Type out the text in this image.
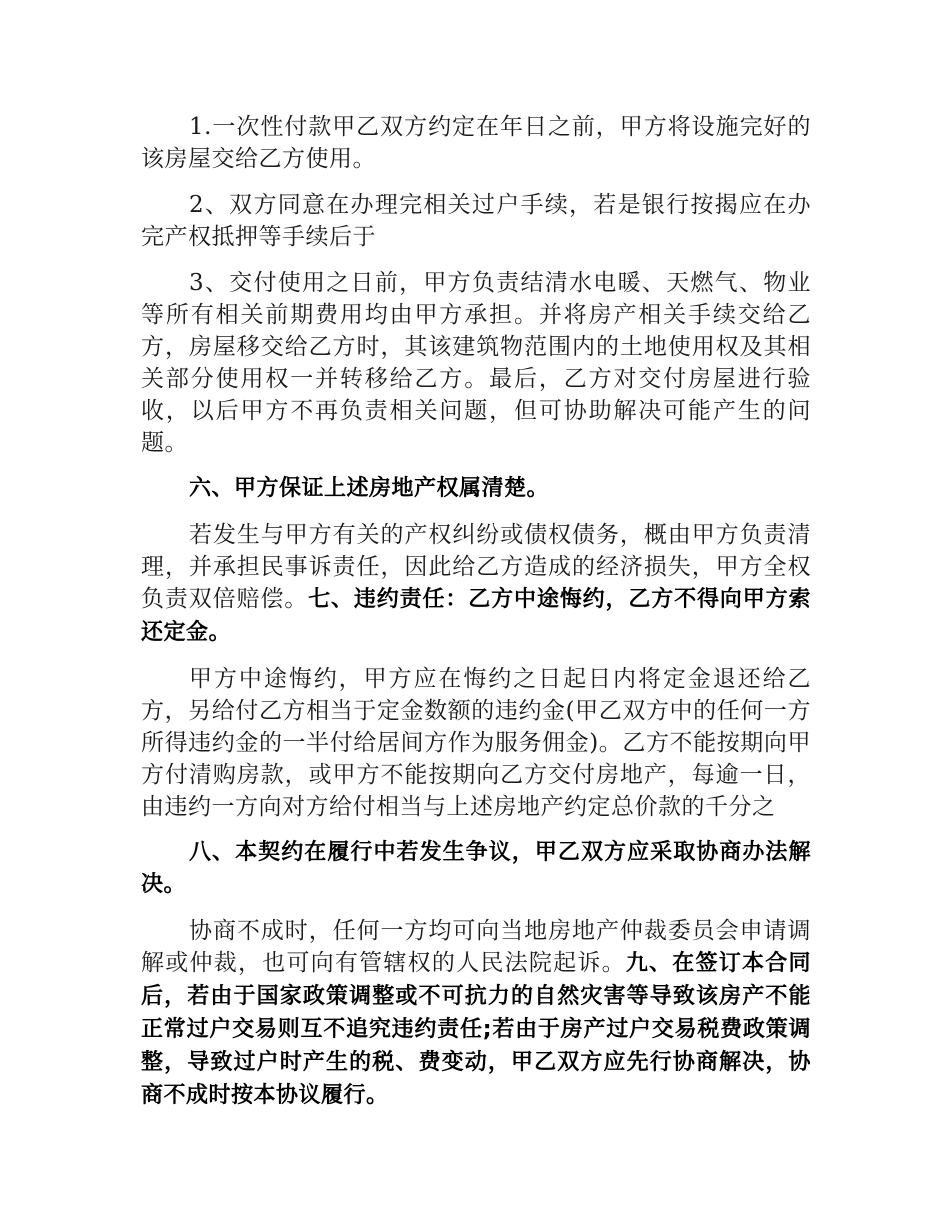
1.一次性付款甲乙双方约定在年日之前，甲方将设施完好的该房屋交给乙方使用。

2、双方同意在办理完相关过户手续，若是银行按揭应在办完产权抵押等手续后于

3、交付使用之日前，甲方负责结清水电暖、天燃气、物业等所有相关前期费用均由甲方承担。并将房产相关手续交给乙方，房屋移交给乙方时，其该建筑物范围内的土地使用权及其相关部分使用权一并转移给乙方。最后，乙方对交付房屋进行验收，以后甲方不再负责相关问题，但可协助解决可能产生的问题。

六、甲方保证上述房地产权属清楚。

若发生与甲方有关的产权纠纷或债权债务，概由甲方负责清理，并承担民事诉责任，因此给乙方造成的经济损失，甲方全权负责双倍赔偿。七、违约责任：乙方中途悔约，乙方不得向甲方索还定金。

甲方中途悔约，甲方应在悔约之日起日内将定金退还给乙方，另给付乙方相当于定金数额的违约金(甲乙双方中的任何一方所得违约金的一半付给居间方作为服务佣金)。乙方不能按期向甲方付清购房款，或甲方不能按期向乙方交付房地产，每逾一日，由违约一方向对方给付相当与上述房地产约定总价款的千分之

八、本契约在履行中若发生争议，甲乙双方应采取协商办法解决。

协商不成时，任何一方均可向当地房地产仲裁委员会申请调解或仲裁，也可向有管辖权的人民法院起诉。九、在签订本合同后，若由于国家政策调整或不可抗力的自然灾害等导致该房产不能正常过户交易则互不追究违约责任;若由于房产过户交易税费政策调整，导致过户时产生的税、费变动，甲乙双方应先行协商解决，协商不成时按本协议履行。
